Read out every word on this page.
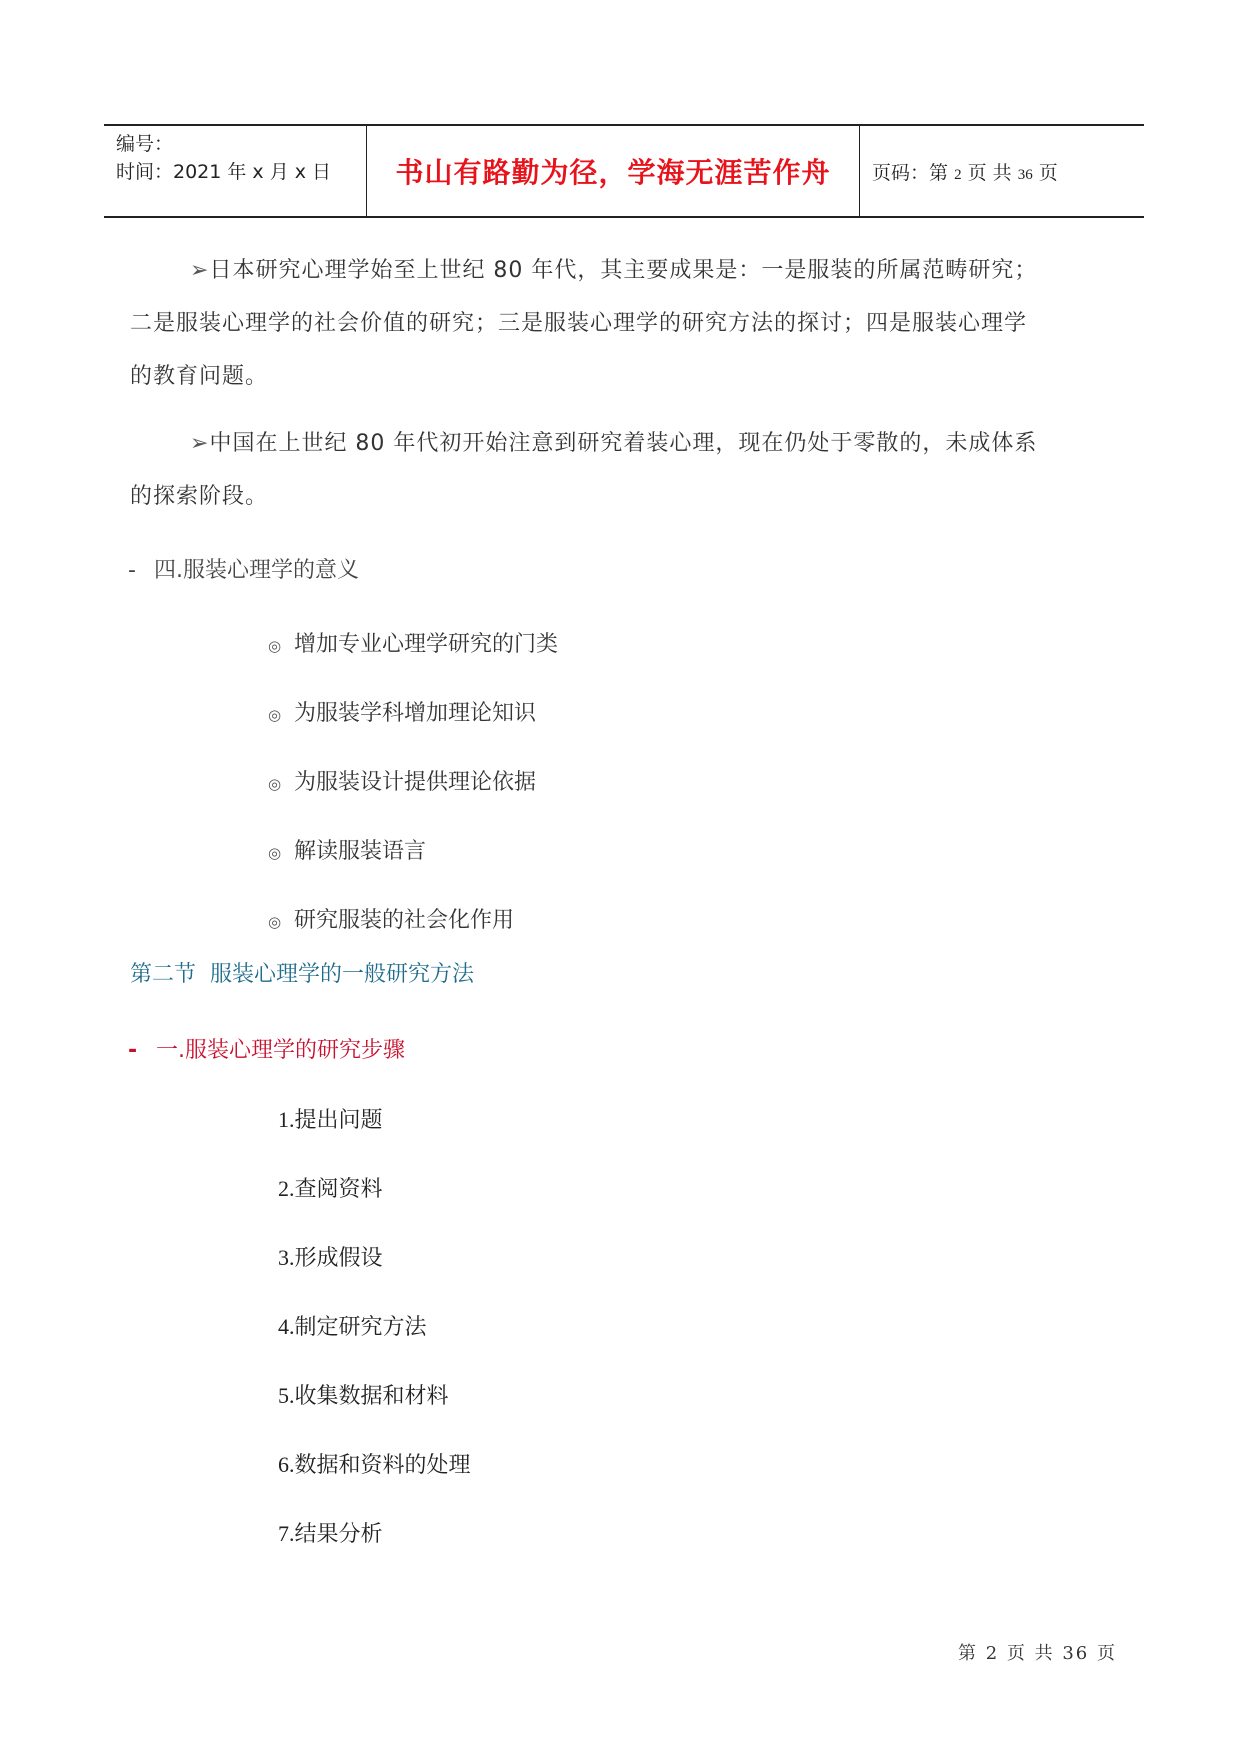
编号：
时间：2021 年 x 月 x 日	书山有路勤为径，学海无涯苦作舟 页码：第 2 页 共 36 页
➢日本研究心理学始至上世纪 80 年代，其主要成果是：一是服装的所属范畴研究；
二是服装心理学的社会价值的研究；三是服装心理学的研究方法的探讨；四是服装心理学
的教育问题。
➢中国在上世纪 80 年代初开始注意到研究着装心理，现在仍处于零散的，未成体系
的探索阶段。
- 四.服装心理学的意义
◎ 增加专业心理学研究的门类
◎ 为服装学科增加理论知识
◎ 为服装设计提供理论依据
◎ 解读服装语言
◎ 研究服装的社会化作用
第二节 服装心理学的一般研究方法
- 一.服装心理学的研究步骤
1.提出问题
2.查阅资料
3.形成假设
4.制定研究方法
5.收集数据和材料
6.数据和资料的处理
7.结果分析
第 2 页 共 36 页
